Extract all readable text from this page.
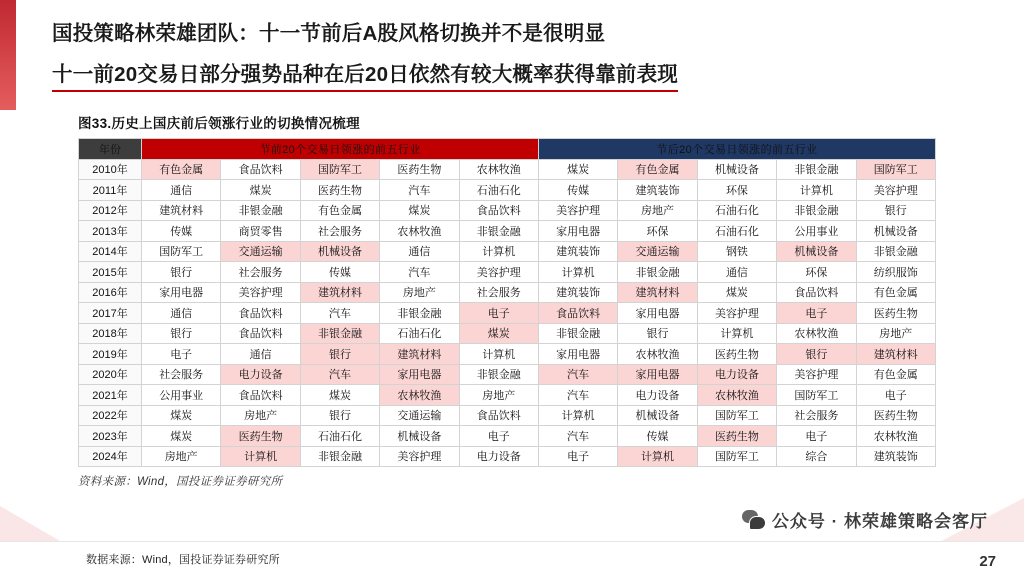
国投策略林荣雄团队：十一节前后A股风格切换并不是很明显
十一前20交易日部分强势品种在后20日依然有较大概率获得靠前表现
图33.历史上国庆前后领涨行业的切换情况梳理
年份	节前20个交易日领涨的前五行业					节后20个交易日领涨的前五行业				
2010年	有色金属	食品饮料	国防军工	医药生物	农林牧渔	煤炭	有色金属	机械设备	非银金融	国防军工
2011年	通信	煤炭	医药生物	汽车	石油石化	传媒	建筑装饰	环保	计算机	美容护理
2012年	建筑材料	非银金融	有色金属	煤炭	食品饮料	美容护理	房地产	石油石化	非银金融	银行
2013年	传媒	商贸零售	社会服务	农林牧渔	非银金融	家用电器	环保	石油石化	公用事业	机械设备
2014年	国防军工	交通运输	机械设备	通信	计算机	建筑装饰	交通运输	钢铁	机械设备	非银金融
2015年	银行	社会服务	传媒	汽车	美容护理	计算机	非银金融	通信	环保	纺织服饰
2016年	家用电器	美容护理	建筑材料	房地产	社会服务	建筑装饰	建筑材料	煤炭	食品饮料	有色金属
2017年	通信	食品饮料	汽车	非银金融	电子	食品饮料	家用电器	美容护理	电子	医药生物
2018年	银行	食品饮料	非银金融	石油石化	煤炭	非银金融	银行	计算机	农林牧渔	房地产
2019年	电子	通信	银行	建筑材料	计算机	家用电器	农林牧渔	医药生物	银行	建筑材料
2020年	社会服务	电力设备	汽车	家用电器	非银金融	汽车	家用电器	电力设备	美容护理	有色金属
2021年	公用事业	食品饮料	煤炭	农林牧渔	房地产	汽车	电力设备	农林牧渔	国防军工	电子
2022年	煤炭	房地产	银行	交通运输	食品饮料	计算机	机械设备	国防军工	社会服务	医药生物
2023年	煤炭	医药生物	石油石化	机械设备	电子	汽车	传媒	医药生物	电子	农林牧渔
2024年	房地产	计算机	非银金融	美容护理	电力设备	电子	计算机	国防军工	综合	建筑装饰
资料来源：Wind，国投证券证券研究所
公众号 · 林荣雄策略会客厅
数据来源：Wind，国投证券证券研究所	27
